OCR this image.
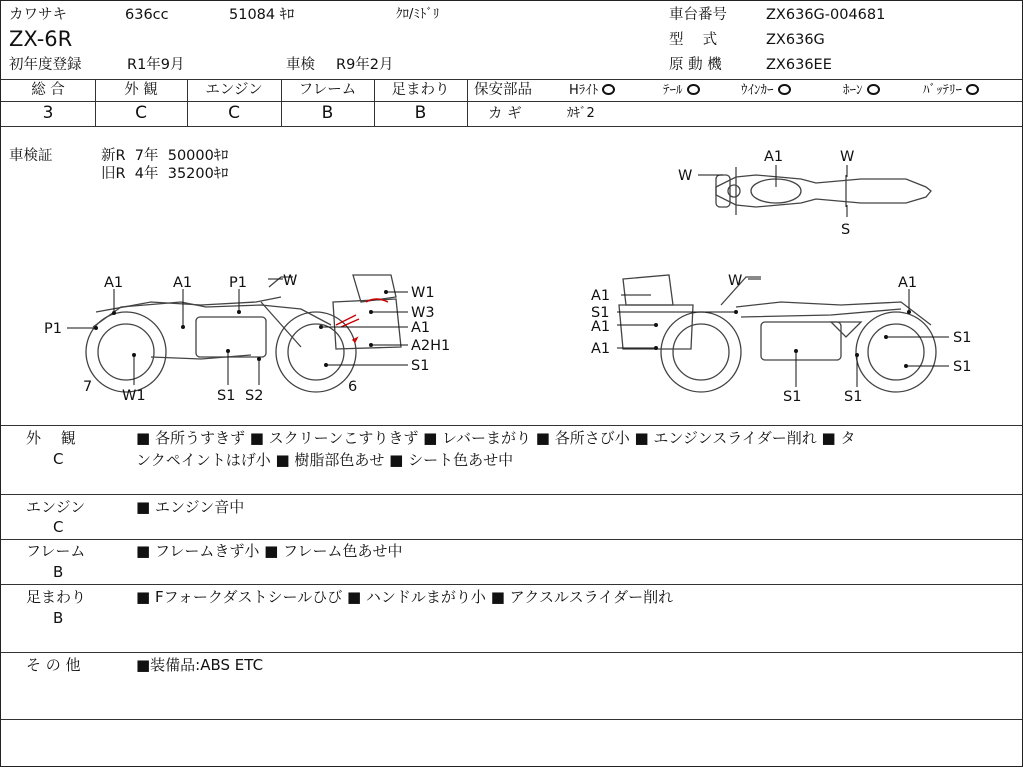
カワサキ	636cc	51084 ｷﾛ	ｸﾛ/ﾐﾄﾞﾘ
ZX-6R
初年度登録	R1年9月	車検 R9年2月
車台番号	ZX636G-004681
型　 式	ZX636G
原 動 機	ZX636EE
総 合	外 観	エンジン	フレーム	足まわり
3	C	C	B	B
保安部品	Hﾗｲﾄ	ﾃｰﾙ	ｳｲﾝｶｰ	ﾎｰﾝ	ﾊﾞｯﾃﾘｰ
カ ギ	ｶｷﾞ2
車検証	新R  7年  50000ｷﾛ
旧R  4年  35200ｷﾛ	W
A1	W
S
A1	A1	P1 W
W1
W3
A1
A2H1
S1
P1
7
W1	S1 S2
6
W	A1
A1
S1
A1
A1
S1
S1
S1	S1
外　 観
C
■ 各所うすきず ■ スクリーンこすりきず ■ レバーまがり ■ 各所さび小 ■ エンジンスライダー削れ ■ タ
ンクペイントはげ小 ■ 樹脂部色あせ ■ シート色あせ中
エンジン
C
■ エンジン音中
フレーム
B
■ フレームきず小 ■ フレーム色あせ中
足まわり
B
■ Fフォークダストシールひび ■ ハンドルまがり小 ■ アクスルスライダー削れ
そ の 他	■装備品:ABS ETC
